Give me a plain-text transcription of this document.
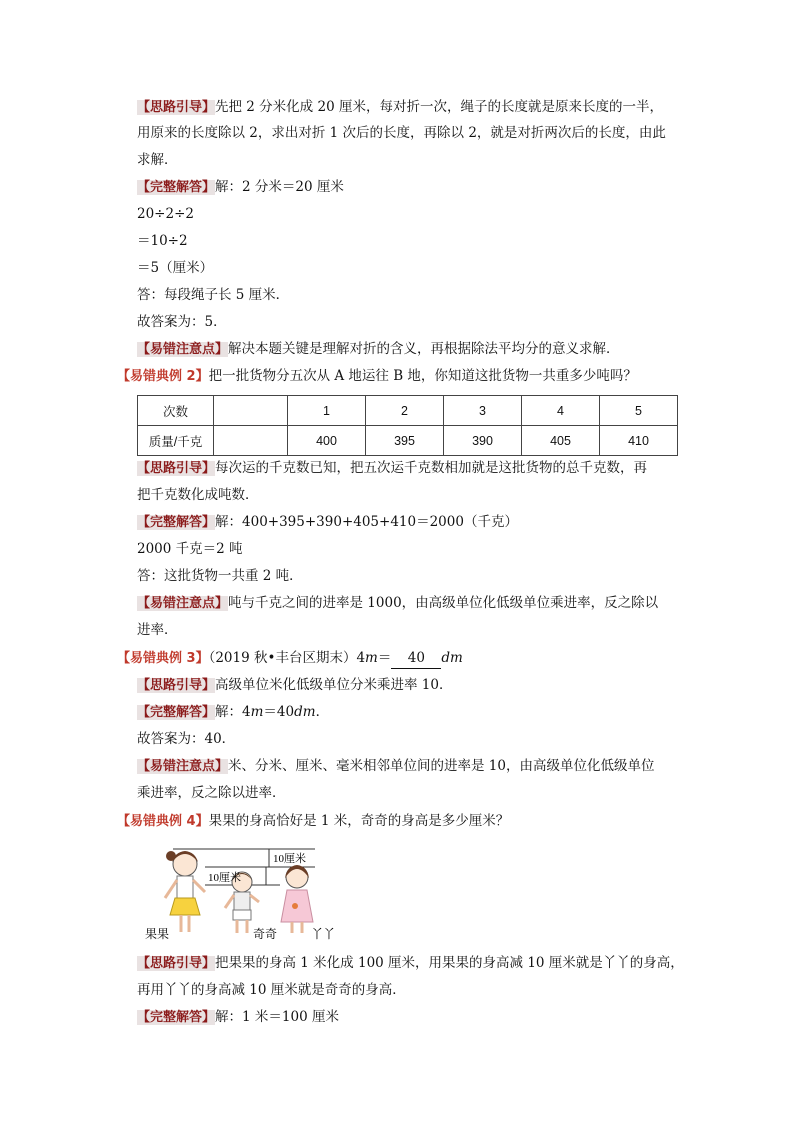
【思路引导】先把 2 分米化成 20 厘米，每对折一次，绳子的长度就是原来长度的一半，
用原来的长度除以 2，求出对折 1 次后的长度，再除以 2，就是对折两次后的长度，由此
求解．
【完整解答】解：2 分米＝20 厘米
20÷2÷2
＝10÷2
＝5（厘米）
答：每段绳子长 5 厘米．
故答案为：5．
【易错注意点】解决本题关键是理解对折的含义，再根据除法平均分的意义求解．
【易错典例 2】把一批货物分五次从 A 地运往 B 地，你知道这批货物一共重多少吨吗？
次数		1	2	3	4	5
质量/千克		400	395	390	405	410
【思路引导】每次运的千克数已知，把五次运千克数相加就是这批货物的总千克数，再
把千克数化成吨数．
【完整解答】解：400+395+390+405+410＝2000（千克）
2000 千克＝2 吨
答：这批货物一共重 2 吨．
【易错注意点】吨与千克之间的进率是 1000，由高级单位化低级单位乘进率，反之除以
进率．
【易错典例 3】（2019 秋•丰台区期末）4m＝ 40 dm
【思路引导】高级单位米化低级单位分米乘进率 10．
【完整解答】解：4m＝40dm．
故答案为：40．
【易错注意点】米、分米、厘米、毫米相邻单位间的进率是 10，由高级单位化低级单位
乘进率，反之除以进率．
【易错典例 4】果果的身高恰好是 1 米，奇奇的身高是多少厘米？
10厘米
10厘米
果果	奇奇	丫丫
【思路引导】把果果的身高 1 米化成 100 厘米，用果果的身高减 10 厘米就是丫丫的身高，
再用丫丫的身高减 10 厘米就是奇奇的身高．
【完整解答】解：1 米＝100 厘米
